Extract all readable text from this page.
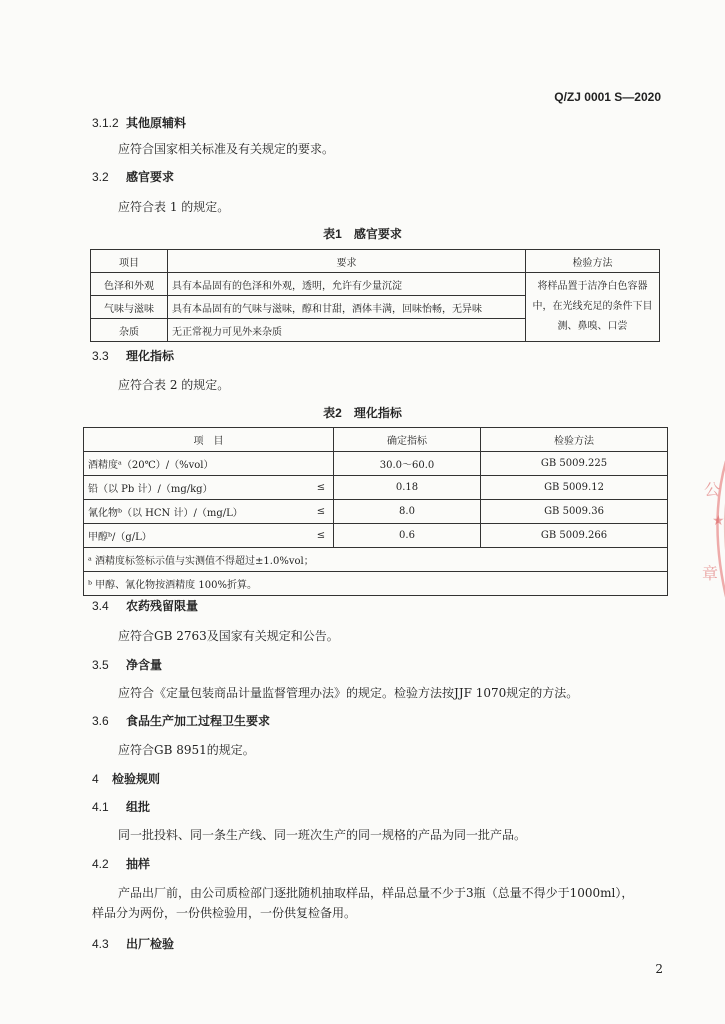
Q/ZJ 0001 S—2020
3.1.2 其他原辅料
应符合国家相关标准及有关规定的要求。
3.2 感官要求
应符合表 1 的规定。
表1　感官要求
项目	要求	检验方法
色泽和外观	具有本品固有的色泽和外观，透明，允许有少量沉淀	将样品置于洁净白色容器中，在光线充足的条件下目测、鼻嗅、口尝
气味与滋味	具有本品固有的气味与滋味，醇和甘甜，酒体丰满，回味怡畅，无异味	
杂质	无正常视力可见外来杂质	
3.3 理化指标
应符合表 2 的规定。
表2　理化指标
项　目		确定指标	检验方法
酒精度ᵃ（20℃）/（%vol）		30.0～60.0	GB 5009.225
铅（以 Pb 计）/（mg/kg）	≤	0.18	GB 5009.12
氰化物ᵇ（以 HCN 计）/（mg/L）	≤	8.0	GB 5009.36
甲醇ᵇ/（g/L）	≤	0.6	GB 5009.266
ᵃ 酒精度标签标示值与实测值不得超过±1.0%vol；			
ᵇ 甲醇、氰化物按酒精度 100%折算。			
3.4 农药残留限量
应符合GB 2763及国家有关规定和公告。
3.5 净含量
应符合《定量包装商品计量监督管理办法》的规定。检验方法按JJF 1070规定的方法。
3.6 食品生产加工过程卫生要求
应符合GB 8951的规定。
4 检验规则
4.1 组批
同一批投料、同一条生产线、同一班次生产的同一规格的产品为同一批产品。
4.2 抽样
产品出厂前，由公司质检部门逐批随机抽取样品，样品总量不少于3瓶（总量不得少于1000ml），
样品分为两份，一份供检验用，一份供复检备用。
4.3 出厂检验
2
公
★
章
